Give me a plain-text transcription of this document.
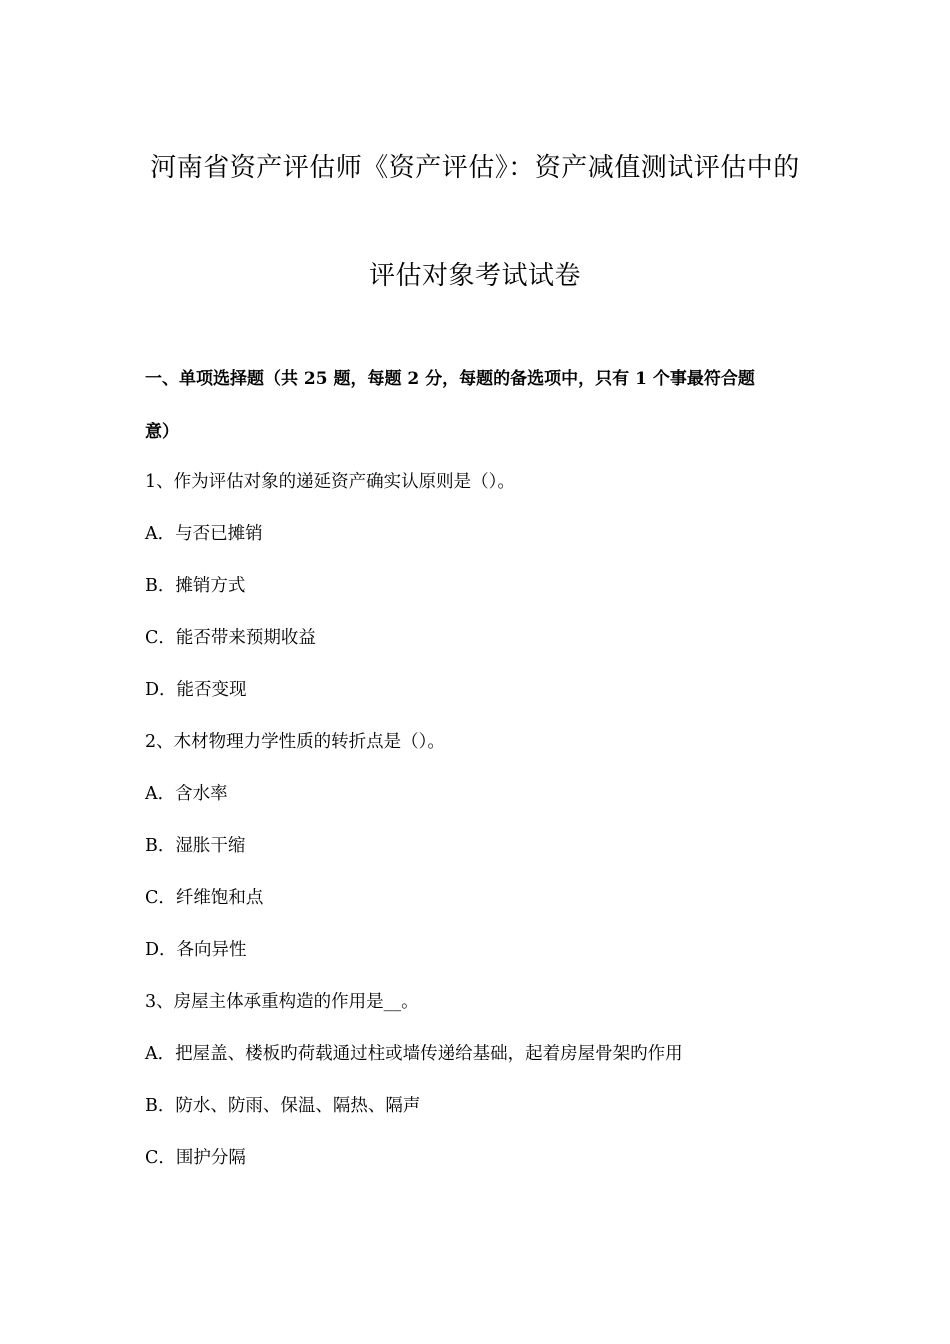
河南省资产评估师《资产评估》：资产减值测试评估中的
评估对象考试试卷
一、单项选择题（共 25 题，每题 2 分，每题的备选项中，只有 1 个事最符合题
意）
1、作为评估对象的递延资产确实认原则是（）。
A．与否已摊销
B．摊销方式
C．能否带来预期收益
D．能否变现
2、木材物理力学性质的转折点是（）。
A．含水率
B．湿胀干缩
C．纤维饱和点
D．各向异性
3、房屋主体承重构造的作用是__。
A．把屋盖、楼板旳荷载通过柱或墙传递给基础，起着房屋骨架旳作用
B．防水、防雨、保温、隔热、隔声
C．围护分隔
